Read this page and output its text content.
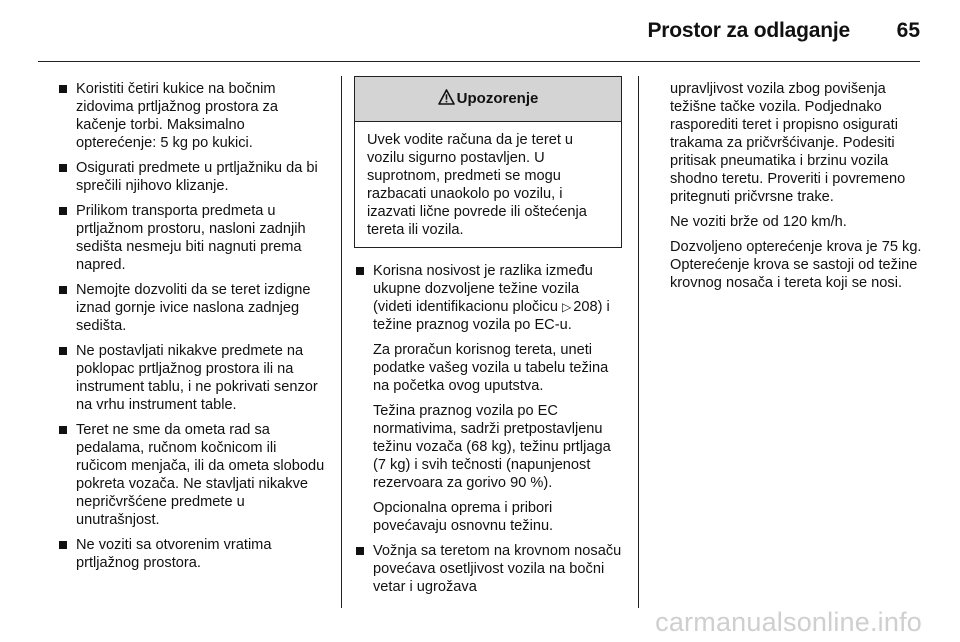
Prostor za odlaganje 65
Koristiti četiri kukice na bočnim zidovima prtljažnog prostora za kačenje torbi. Maksimalno opterećenje: 5 kg po kukici.
Osigurati predmete u prtljažniku da bi sprečili njihovo klizanje.
Prilikom transporta predmeta u prtljažnom prostoru, nasloni zadnjih sedišta nesmeju biti nagnuti prema napred.
Nemojte dozvoliti da se teret izdigne iznad gornje ivice naslona zadnjeg sedišta.
Ne postavljati nikakve predmete na poklopac prtljažnog prostora ili na instrument tablu, i ne pokrivati senzor na vrhu instrument table.
Teret ne sme da ometa rad sa pedalama, ručnom kočnicom ili ručicom menjača, ili da ometa slobodu pokreta vozača. Ne stavljati nikakve nepričvršćene predmete u unutrašnjost.
Ne voziti sa otvorenim vratima prtljažnog prostora.
Upozorenje
Uvek vodite računa da je teret u vozilu sigurno postavljen. U suprotnom, predmeti se mogu razbacati unaokolo po vozilu, i izazvati lične povrede ili oštećenja tereta ili vozila.
Korisna nosivost je razlika između ukupne dozvoljene težine vozila (videti identifikacionu pločicu ▷ 208) i težine praznog vozila po EC-u.
Za proračun korisnog tereta, uneti podatke vašeg vozila u tabelu težina na početka ovog uputstva.
Težina praznog vozila po EC normativima, sadrži pretpostavljenu težinu vozača (68 kg), težinu prtljaga (7 kg) i svih tečnosti (napunjenost rezervoara za gorivo 90 %).
Opcionalna oprema i pribori povećavaju osnovnu težinu.
Vožnja sa teretom na krovnom nosaču povećava osetljivost vozila na bočni vetar i ugrožava
upravljivost vozila zbog povišenja težišne tačke vozila. Podjednako rasporediti teret i propisno osigurati trakama za pričvršćivanje. Podesiti pritisak pneumatika i brzinu vozila shodno teretu. Proveriti i povremeno pritegnuti pričvrsne trake.
Ne voziti brže od 120 km/h.
Dozvoljeno opterećenje krova je 75 kg. Opterećenje krova se sastoji od težine krovnog nosača i tereta koji se nosi.
carmanualsonline.info
